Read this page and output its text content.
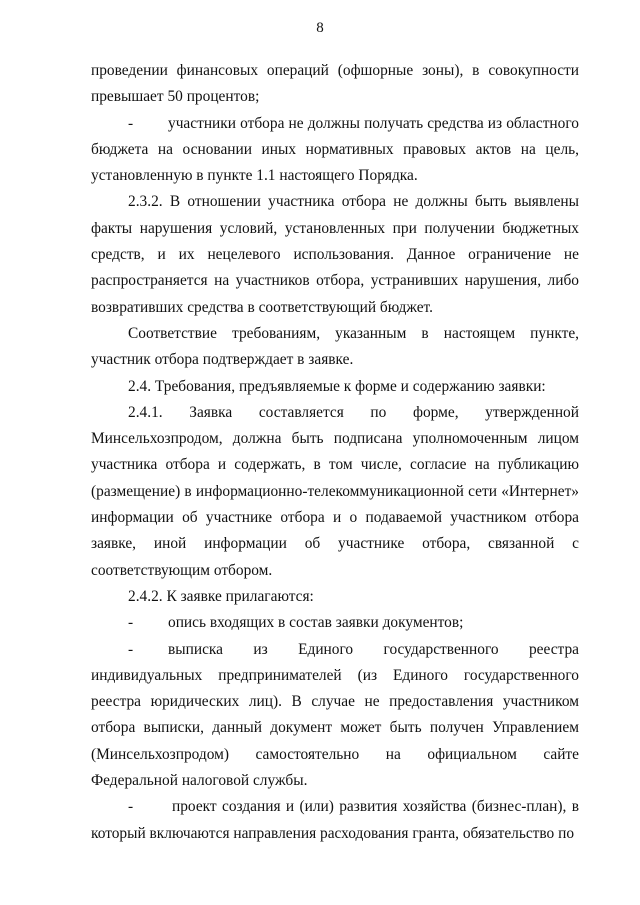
8

проведении финансовых операций (офшорные зоны), в совокупности превышает 50 процентов;

- участники отбора не должны получать средства из областного бюджета на основании иных нормативных правовых актов на цель, установленную в пункте 1.1 настоящего Порядка.

2.3.2. В отношении участника отбора не должны быть выявлены факты нарушения условий, установленных при получении бюджетных средств, и их нецелевого использования. Данное ограничение не распространяется на участников отбора, устранивших нарушения, либо возвративших средства в соответствующий бюджет.

Соответствие требованиям, указанным в настоящем пункте, участник отбора подтверждает в заявке.

2.4. Требования, предъявляемые к форме и содержанию заявки:

2.4.1. Заявка составляется по форме, утвержденной Минсельхозпродом, должна быть подписана уполномоченным лицом участника отбора и содержать, в том числе, согласие на публикацию (размещение) в информационно-телекоммуникационной сети «Интернет» информации об участнике отбора и о подаваемой участником отбора заявке, иной информации об участнике отбора, связанной с соответствующим отбором.

2.4.2. К заявке прилагаются:

- опись входящих в состав заявки документов;

- выписка из Единого государственного реестра индивидуальных предпринимателей (из Единого государственного реестра юридических лиц). В случае не предоставления участником отбора выписки, данный документ может быть получен Управлением (Минсельхозпродом) самостоятельно на официальном сайте Федеральной налоговой службы.

-	проект создания и (или) развития хозяйства (бизнес-план), в который включаются направления расходования гранта, обязательство по
